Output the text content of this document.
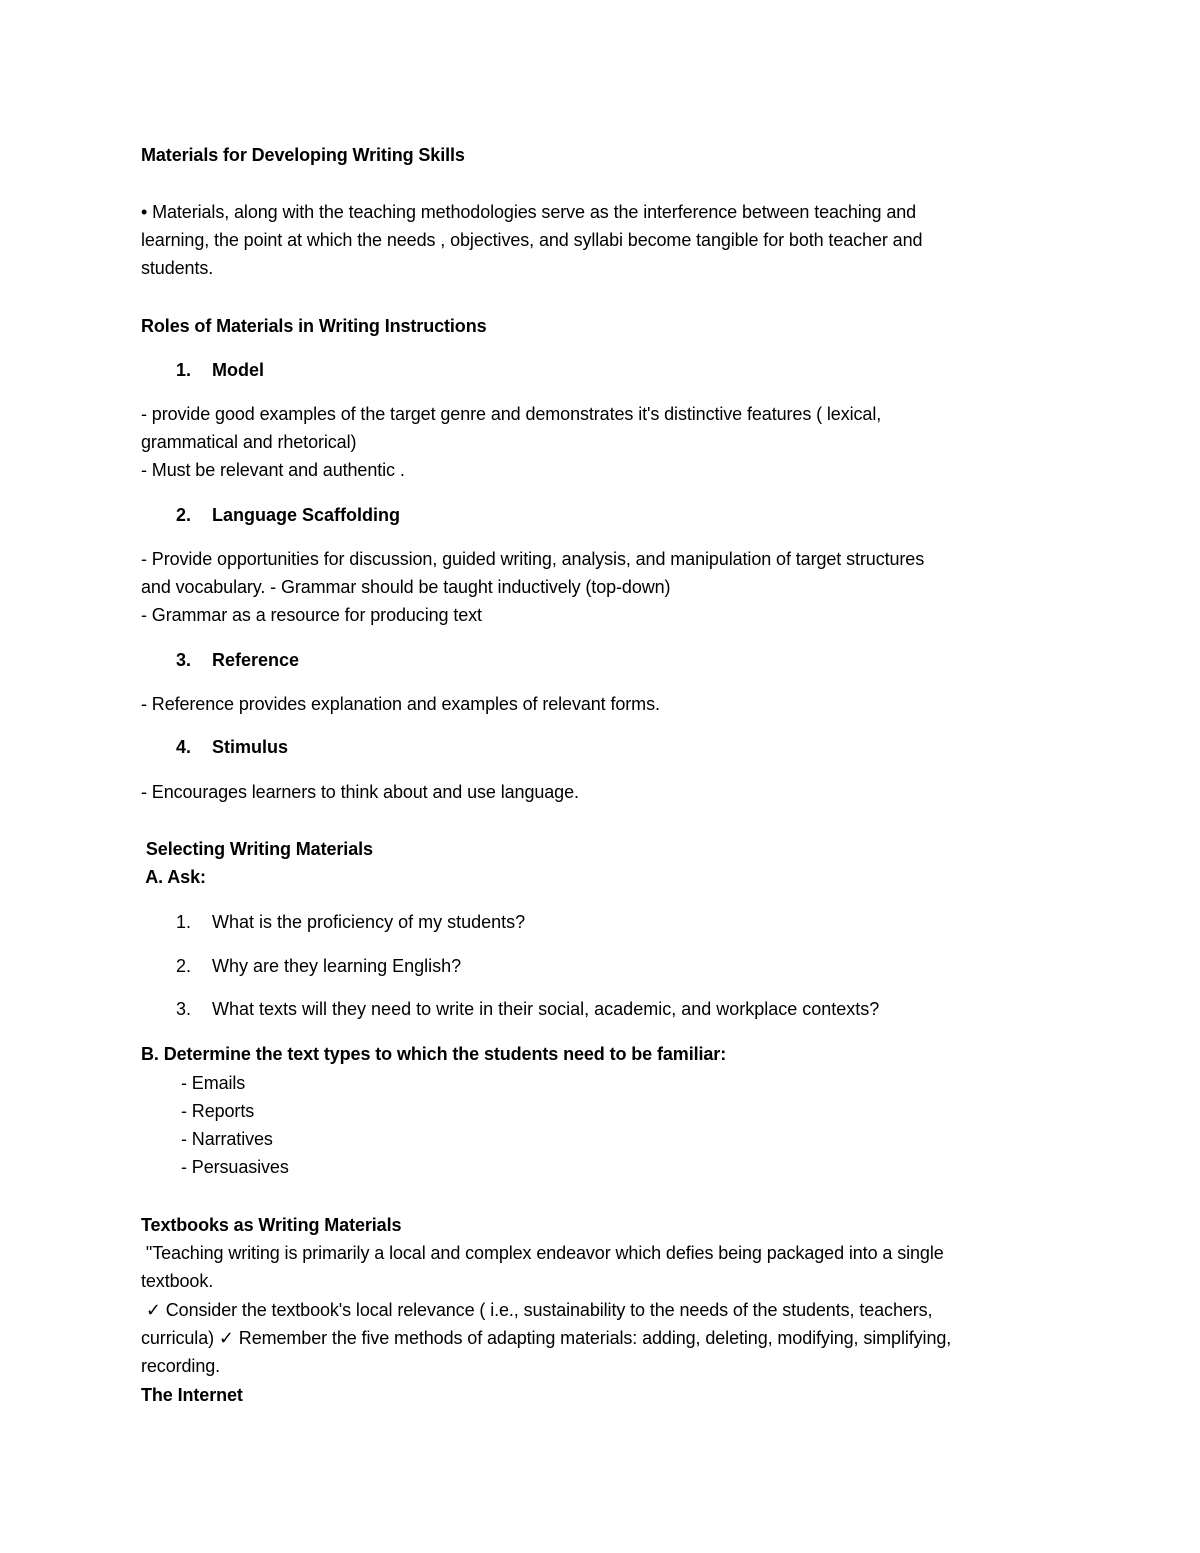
Materials for Developing Writing Skills
• Materials, along with the teaching methodologies serve as the interference between teaching and
learning, the point at which the needs , objectives, and syllabi become tangible for both teacher and
students.
Roles of Materials in Writing Instructions
1. Model
- provide good examples of the target genre and demonstrates it's distinctive features ( lexical,
grammatical and rhetorical)
- Must be relevant and authentic .
2. Language Scaffolding
- Provide opportunities for discussion, guided writing, analysis, and manipulation of target structures
and vocabulary. - Grammar should be taught inductively (top-down)
- Grammar as a resource for producing text
3. Reference
- Reference provides explanation and examples of relevant forms.
4. Stimulus
- Encourages learners to think about and use language.
Selecting Writing Materials
A. Ask:
1. What is the proficiency of my students?
2. Why are they learning English?
3. What texts will they need to write in their social, academic, and workplace contexts?
B. Determine the text types to which the students need to be familiar:
- Emails
- Reports
- Narratives
- Persuasives
Textbooks as Writing Materials
"Teaching writing is primarily a local and complex endeavor which defies being packaged into a single
textbook.
✓ Consider the textbook's local relevance ( i.e., sustainability to the needs of the students, teachers,
curricula) ✓ Remember the five methods of adapting materials: adding, deleting, modifying, simplifying,
recording.
The Internet
